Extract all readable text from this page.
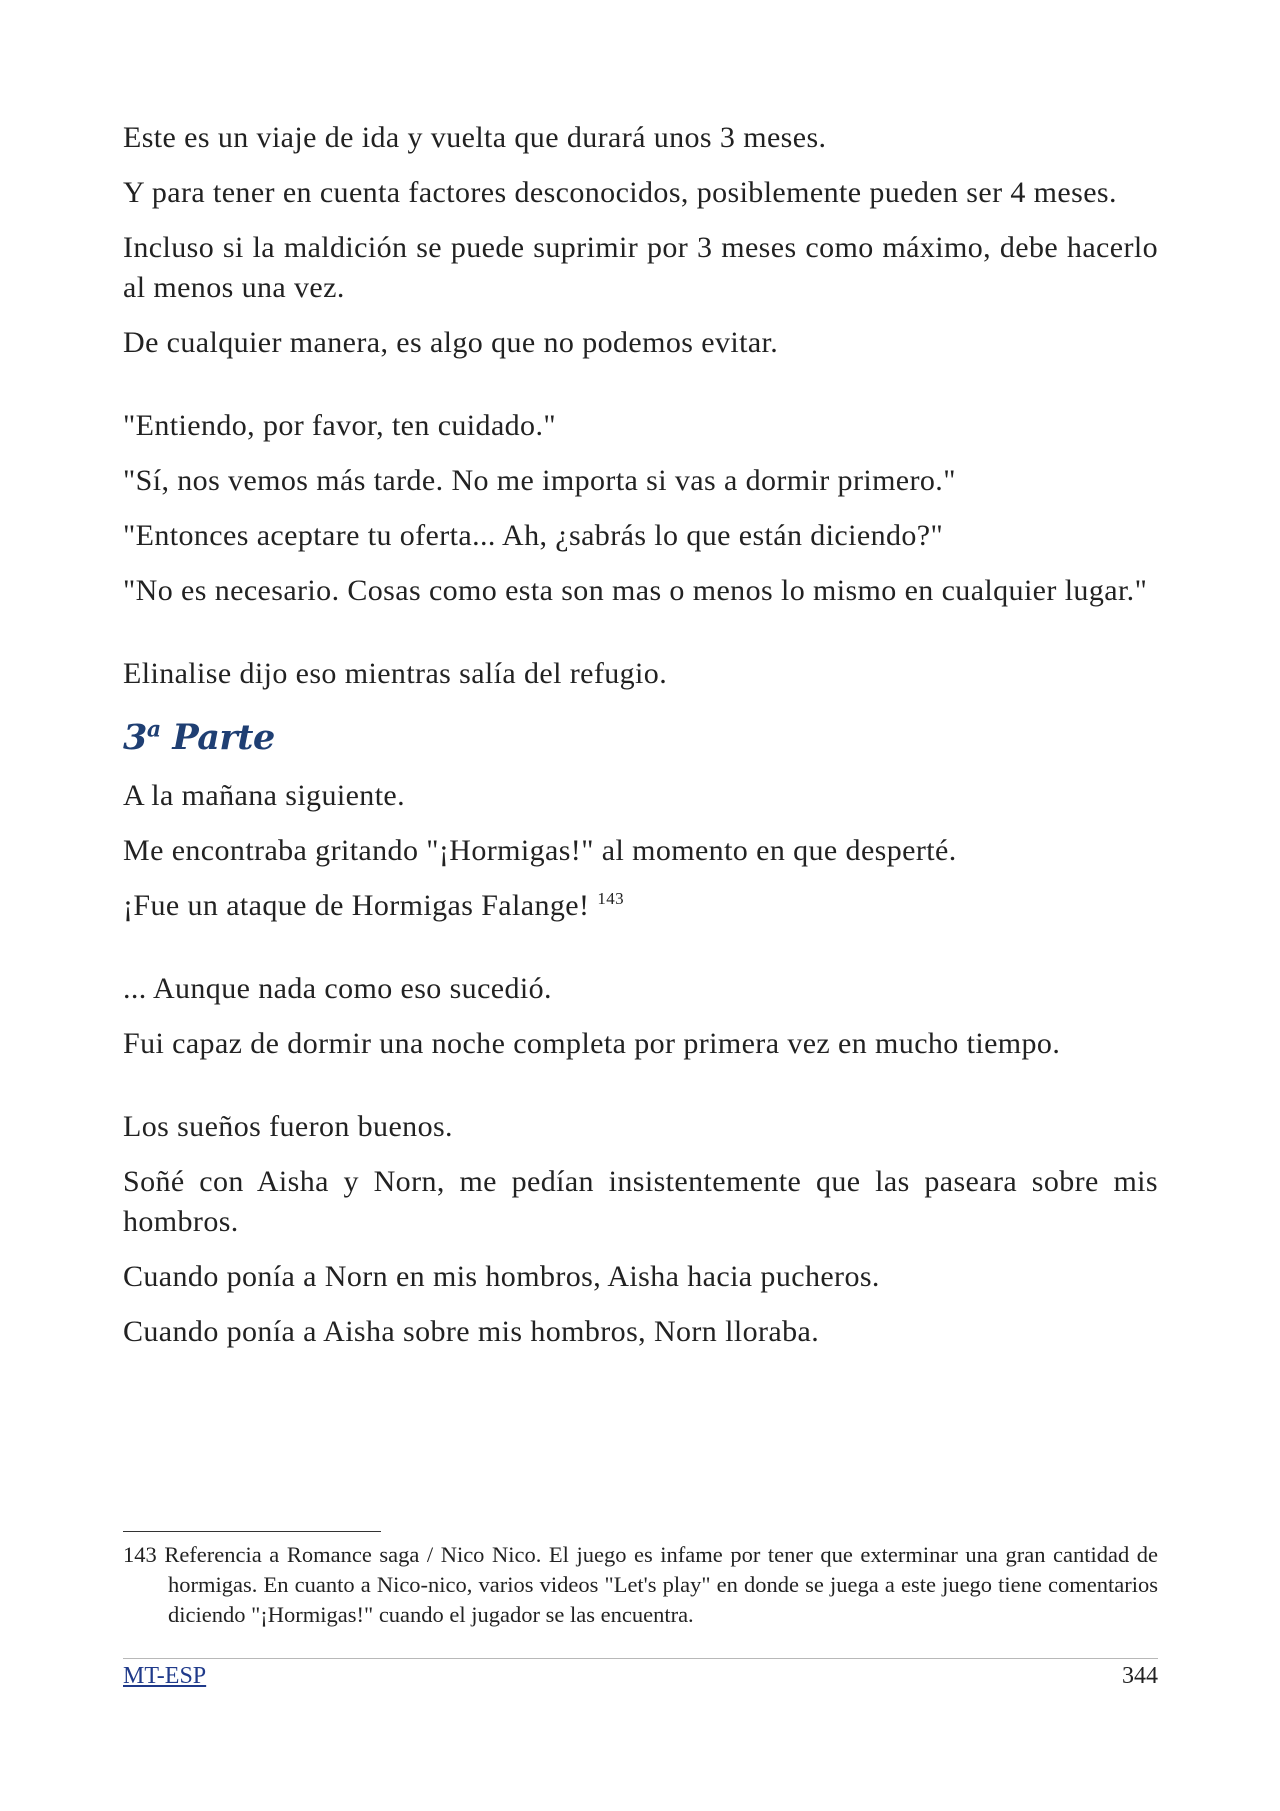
Este es un viaje de ida y vuelta que durará unos 3 meses.

Y para tener en cuenta factores desconocidos, posiblemente pueden ser 4 meses.

Incluso si la maldición se puede suprimir por 3 meses como máximo, debe hacerlo al menos una vez.

De cualquier manera, es algo que no podemos evitar.

"Entiendo, por favor, ten cuidado."

"Sí, nos vemos más tarde. No me importa si vas a dormir primero."

"Entonces aceptare tu oferta... Ah, ¿sabrás lo que están diciendo?"

"No es necesario. Cosas como esta son mas o menos lo mismo en cualquier lugar."

Elinalise dijo eso mientras salía del refugio.

3$^a$ Parte

A la mañana siguiente.

Me encontraba gritando "¡Hormigas!" al momento en que desperté.

¡Fue un ataque de Hormigas Falange! $^{143}$

... Aunque nada como eso sucedió.

Fui capaz de dormir una noche completa por primera vez en mucho tiempo.

Los sueños fueron buenos.

Soñé con Aisha y Norn, me pedían insistentemente que las paseara sobre mis hombros.

Cuando ponía a Norn en mis hombros, Aisha hacia pucheros.

Cuando ponía a Aisha sobre mis hombros, Norn lloraba.

143 Referencia a Romance saga / Nico Nico. El juego es infame por tener que exterminar una gran cantidad de hormigas. En cuanto a Nico-nico, varios videos "Let's play" en donde se juega a este juego tiene comentarios diciendo "¡Hormigas!" cuando el jugador se las encuentra.
MT-ESP	344
